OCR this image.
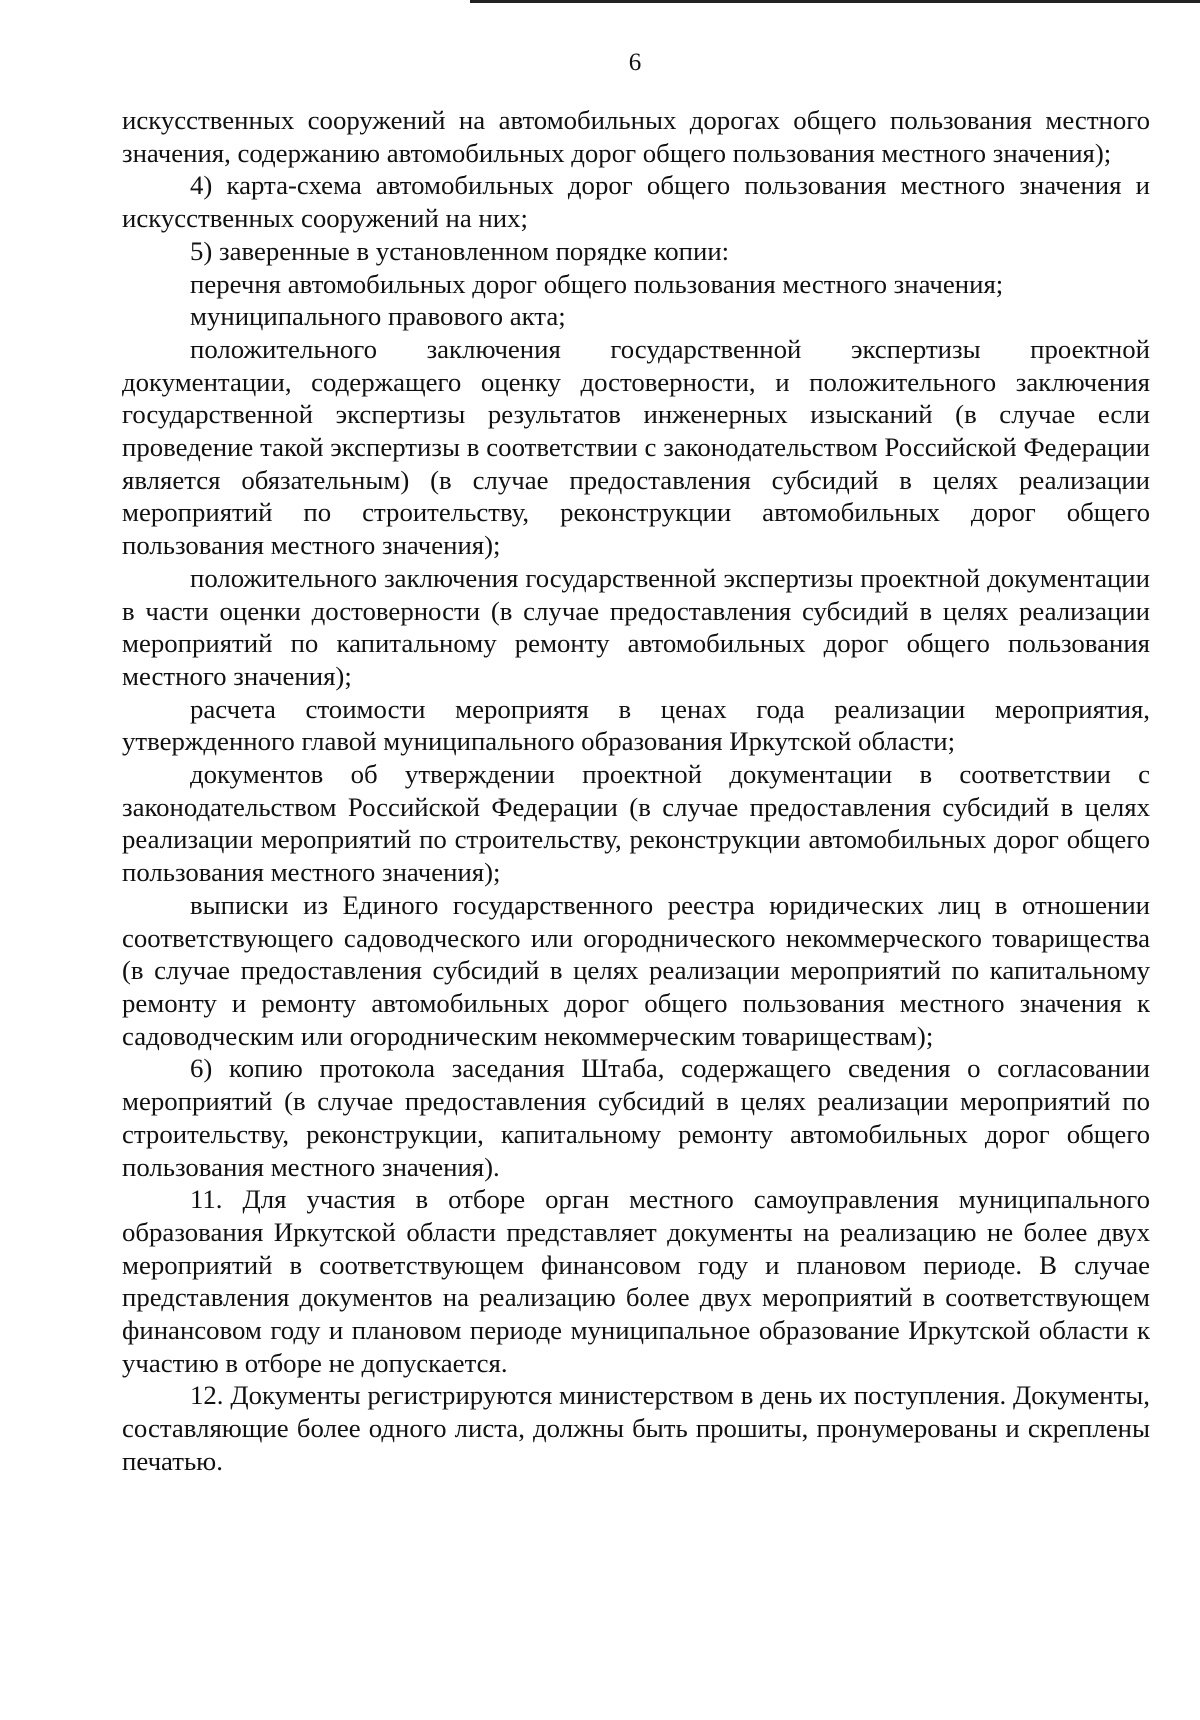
6

искусственных сооружений на автомобильных дорогах общего пользования местного значения, содержанию автомобильных дорог общего пользования местного значения);

4) карта-схема автомобильных дорог общего пользования местного значения и искусственных сооружений на них;

5) заверенные в установленном порядке копии:

перечня автомобильных дорог общего пользования местного значения;

муниципального правового акта;

положительного заключения государственной экспертизы проектной документации, содержащего оценку достоверности, и положительного заключения государственной экспертизы результатов инженерных изысканий (в случае если проведение такой экспертизы в соответствии с законодательством Российской Федерации является обязательным) (в случае предоставления субсидий в целях реализации мероприятий по строительству, реконструкции автомобильных дорог общего пользования местного значения);

положительного заключения государственной экспертизы проектной документации в части оценки достоверности (в случае предоставления субсидий в целях реализации мероприятий по капитальному ремонту автомобильных дорог общего пользования местного значения);

расчета стоимости мероприятя в ценах года реализации мероприятия, утвержденного главой муниципального образования Иркутской области;

документов об утверждении проектной документации в соответствии с законодательством Российской Федерации (в случае предоставления субсидий в целях реализации мероприятий по строительству, реконструкции автомобильных дорог общего пользования местного значения);

выписки из Единого государственного реестра юридических лиц в отношении соответствующего садоводческого или огороднического некоммерческого товарищества (в случае предоставления субсидий в целях реализации мероприятий по капитальному ремонту и ремонту автомобильных дорог общего пользования местного значения к садоводческим или огородническим некоммерческим товариществам);

6) копию протокола заседания Штаба, содержащего сведения о согласовании мероприятий (в случае предоставления субсидий в целях реализации мероприятий по строительству, реконструкции, капитальному ремонту автомобильных дорог общего пользования местного значения).

11. Для участия в отборе орган местного самоуправления муниципального образования Иркутской области представляет документы на реализацию не более двух мероприятий в соответствующем финансовом году и плановом периоде. В случае представления документов на реализацию более двух мероприятий в соответствующем финансовом году и плановом периоде муниципальное образование Иркутской области к участию в отборе не допускается.

12. Документы регистрируются министерством в день их поступления. Документы, составляющие более одного листа, должны быть прошиты, пронумерованы и скреплены печатью.
